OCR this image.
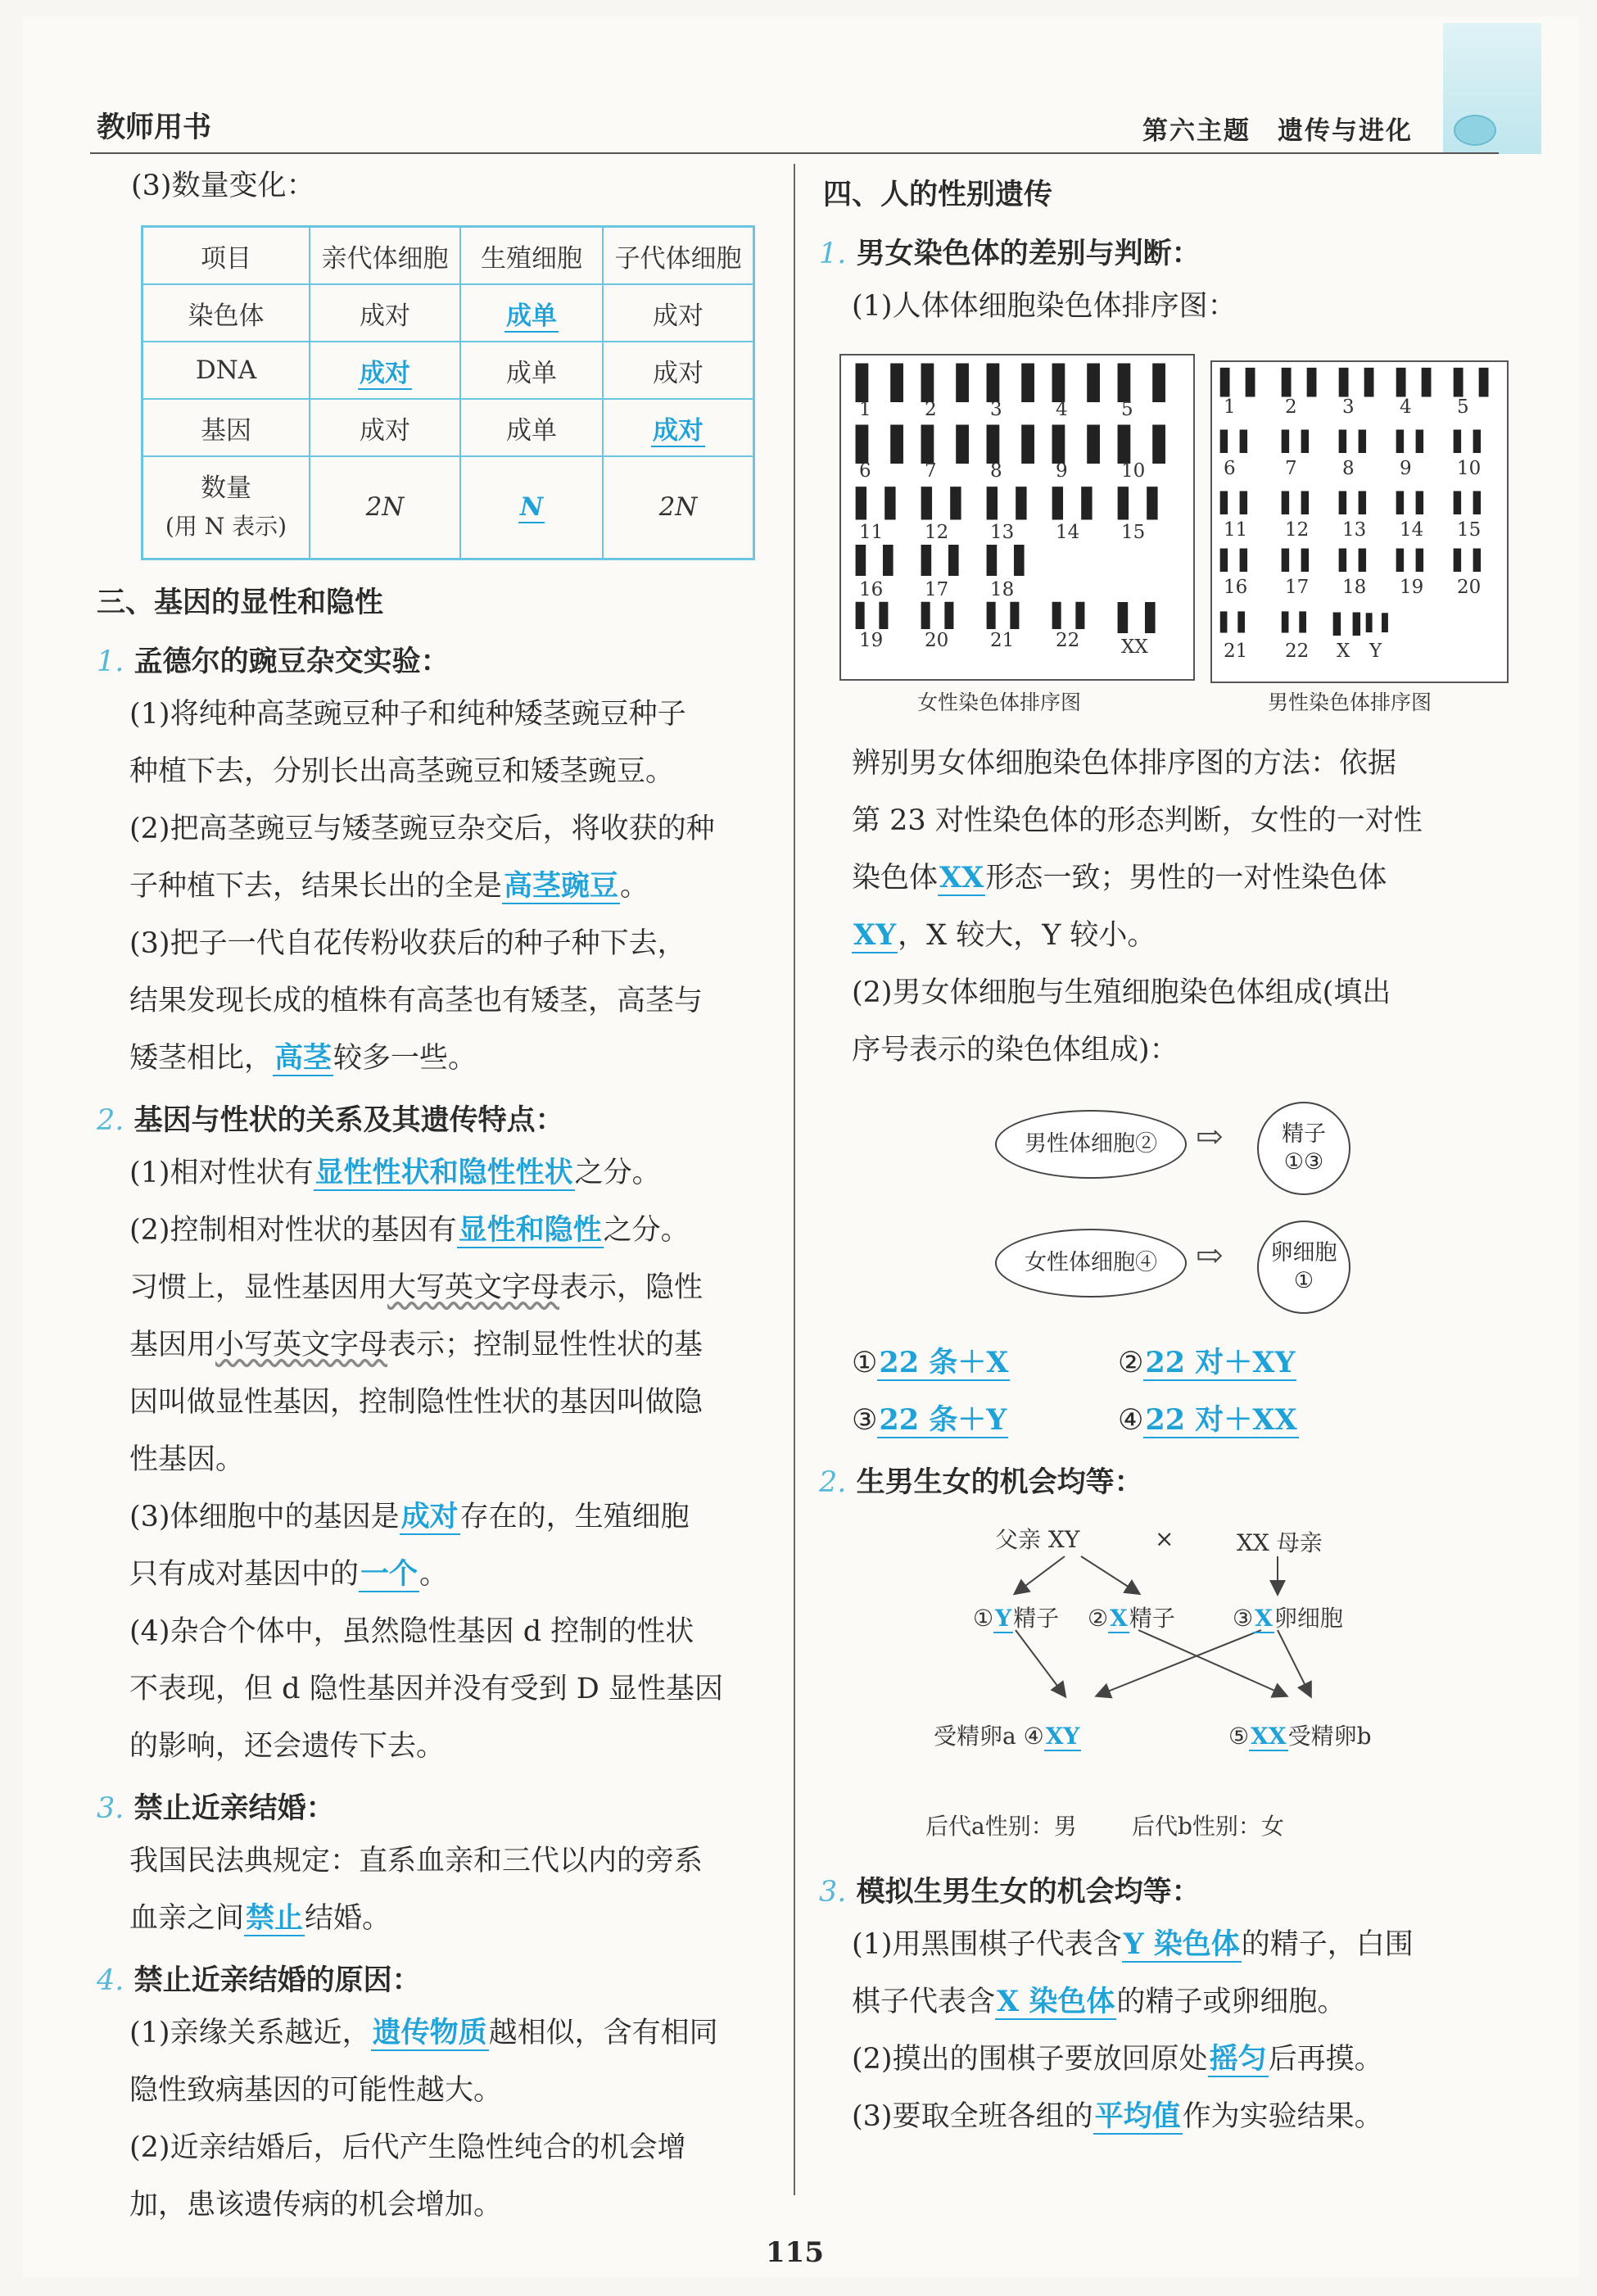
教师用书	第六主题　遗传与进化
(3)数量变化：
项目	亲代体细胞	生殖细胞	子代体细胞
染色体	成对	成单	成对
DNA	成对	成单	成对
基因	成对	成单	成对
数量
(用 N 表示)	2N	N	2N
三、基因的显性和隐性
1. 孟德尔的豌豆杂交实验：
(1)将纯种高茎豌豆种子和纯种矮茎豌豆种子
种植下去，分别长出高茎豌豆和矮茎豌豆。
(2)把高茎豌豆与矮茎豌豆杂交后，将收获的种
子种植下去，结果长出的全是高茎豌豆。
(3)把子一代自花传粉收获后的种子种下去，
结果发现长成的植株有高茎也有矮茎，高茎与
矮茎相比，高茎较多一些。
2. 基因与性状的关系及其遗传特点：
(1)相对性状有显性性状和隐性性状之分。
(2)控制相对性状的基因有显性和隐性之分。
习惯上，显性基因用大写英文字母表示，隐性
基因用小写英文字母表示；控制显性性状的基
因叫做显性基因，控制隐性性状的基因叫做隐
性基因。
(3)体细胞中的基因是成对存在的，生殖细胞
只有成对基因中的一个。
(4)杂合个体中，虽然隐性基因 d 控制的性状
不表现，但 d 隐性基因并没有受到 D 显性基因
的影响，还会遗传下去。
3. 禁止近亲结婚：
我国民法典规定：直系血亲和三代以内的旁系
血亲之间禁止结婚。
4. 禁止近亲结婚的原因：
(1)亲缘关系越近，遗传物质越相似，含有相同
隐性致病基因的可能性越大。
(2)近亲结婚后，后代产生隐性纯合的机会增
加，患该遗传病的机会增加。
四、人的性别遗传
1. 男女染色体的差别与判断：
(1)人体体细胞染色体排序图：
▌▐
1
▌▐
2
▌▐
3
▌▐
4
▌▐
5
▌▐
6
▌▐
7
▌▐
8
▌▐
9
▌▐
10
▌▐
11
▌▐
12
▌▐
13
▌▐
14
▌▐
15
▌▐
16
▌▐
17
▌▐
18
▌▐
19
▌▐
20
▌▐
21
▌▐
22
▌▐
XX
▌▐
1
▌▐
2
▌▐
3
▌▐
4
▌▐
5
▌▐
6
▌▐
7
▌▐
8
▌▐
9
▌▐
10
▌▐
11
▌▐
12
▌▐
13
▌▐
14
▌▐
15
▌▐
16
▌▐
17
▌▐
18
▌▐
19
▌▐
20
▌▐
21
▌▐
22
▌▐
X
▌▐
Y
女性染色体排序图	男性染色体排序图
辨别男女体细胞染色体排序图的方法：依据
第 23 对性染色体的形态判断，女性的一对性
染色体XX形态一致；男性的一对性染色体
XY，X 较大，Y 较小。
(2)男女体细胞与生殖细胞染色体组成(填出
序号表示的染色体组成)：
男性体细胞②	⇨	精子
①③
女性体细胞④	⇨ 卵细胞
①
①22 条＋X	②22 对＋XY
③22 条＋Y	④22 对＋XX
2. 生男生女的机会均等：
父亲 XY	×	XX 母亲
①Y精子 ②X精子	③X卵细胞
受精卵a ④XY	⑤XX受精卵b
后代a性别：男 后代b性别：女
3. 模拟生男生女的机会均等：
(1)用黑围棋子代表含Y 染色体的精子，白围
棋子代表含X 染色体的精子或卵细胞。
(2)摸出的围棋子要放回原处摇匀后再摸。
(3)要取全班各组的平均值作为实验结果。
115
